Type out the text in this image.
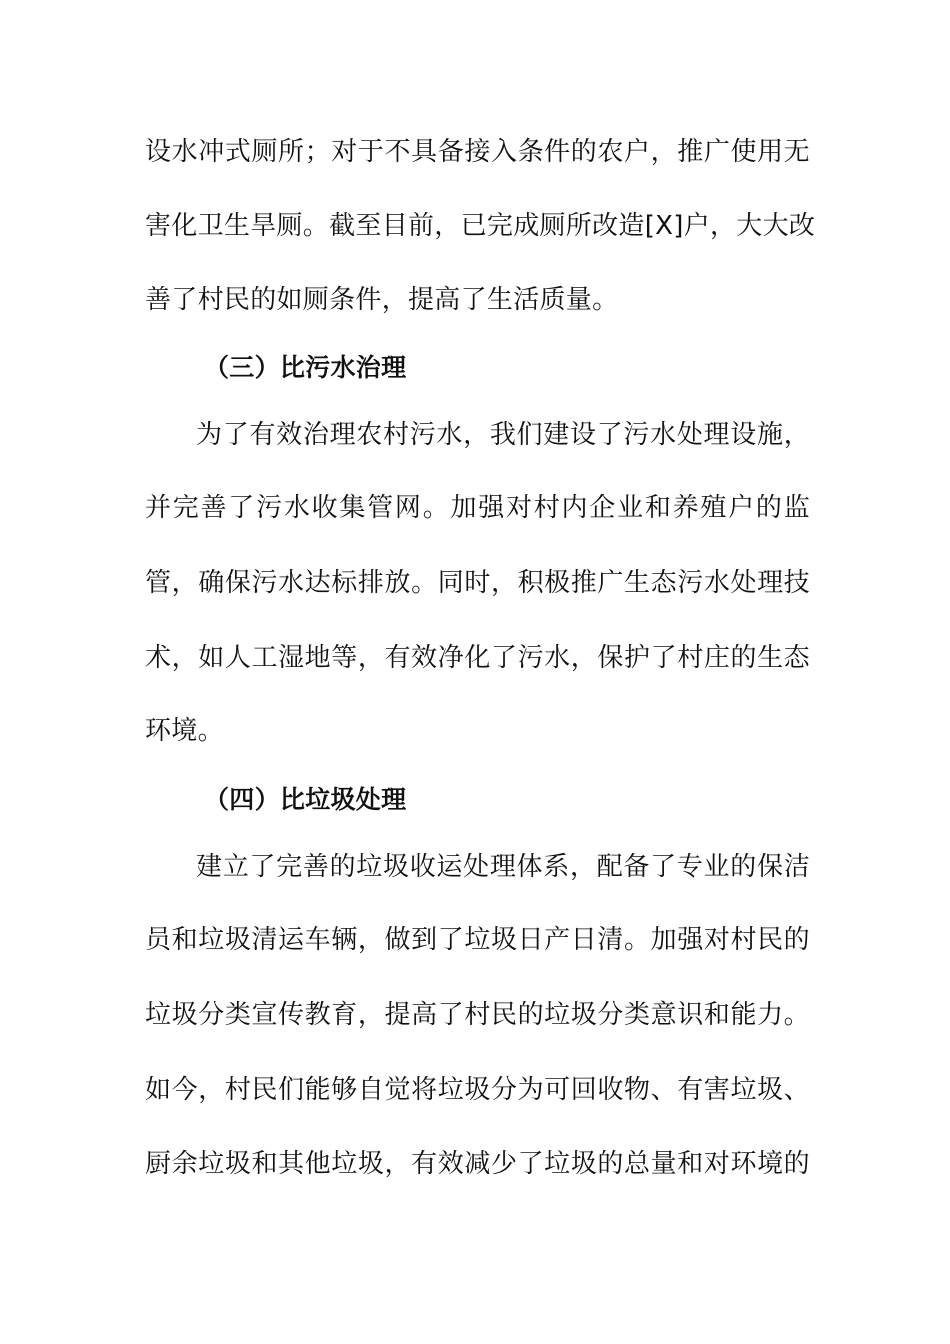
设水冲式厕所；对于不具备接入条件的农户，推广使用无
害化卫生旱厕。截至目前，已完成厕所改造[X]户，大大改
善了村民的如厕条件，提高了生活质量。
（三）比污水治理
为了有效治理农村污水，我们建设了污水处理设施，
并完善了污水收集管网。加强对村内企业和养殖户的监
管，确保污水达标排放。同时，积极推广生态污水处理技
术，如人工湿地等，有效净化了污水，保护了村庄的生态
环境。
（四）比垃圾处理
建立了完善的垃圾收运处理体系，配备了专业的保洁
员和垃圾清运车辆，做到了垃圾日产日清。加强对村民的
垃圾分类宣传教育，提高了村民的垃圾分类意识和能力。
如今，村民们能够自觉将垃圾分为可回收物、有害垃圾、
厨余垃圾和其他垃圾，有效减少了垃圾的总量和对环境的
